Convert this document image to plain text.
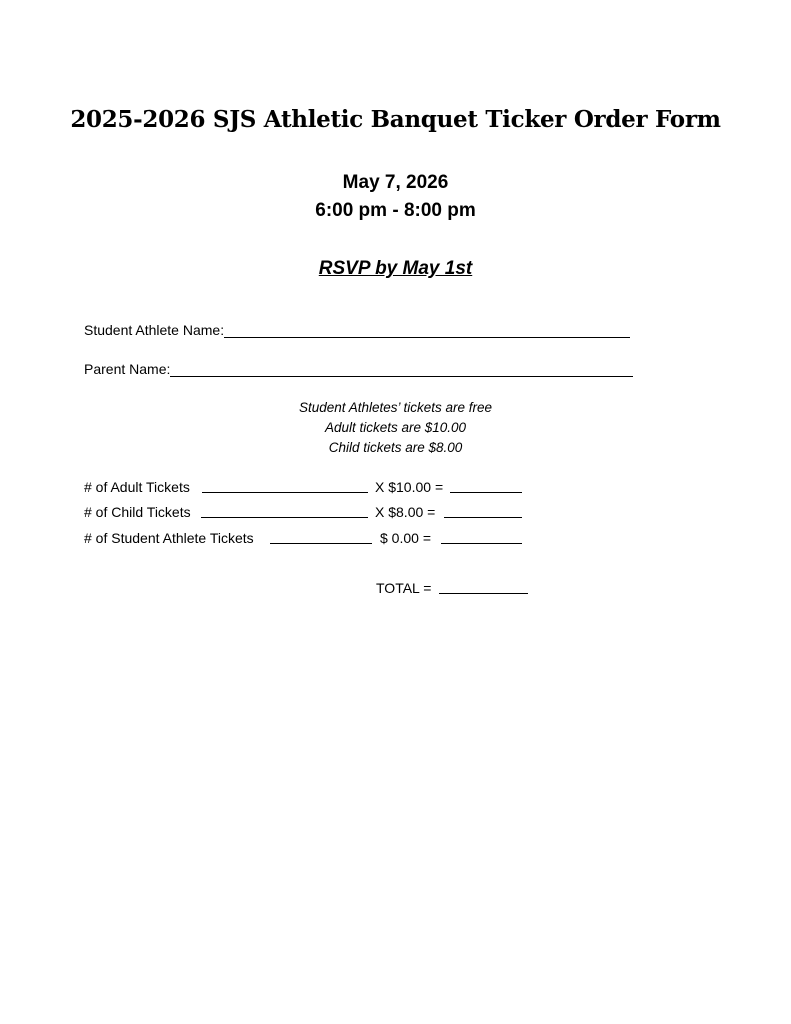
2025-2026 SJS Athletic Banquet Ticker Order Form
May 7, 2026
6:00 pm - 8:00 pm
RSVP by May 1st
Student Athlete Name:
Parent Name:
Student Athletes’ tickets are free
Adult tickets are $10.00
Child tickets are $8.00
# of Adult Tickets	X $10.00 =
# of Child Tickets	X $8.00 =
# of Student Athlete Tickets	$ 0.00 =
TOTAL =
